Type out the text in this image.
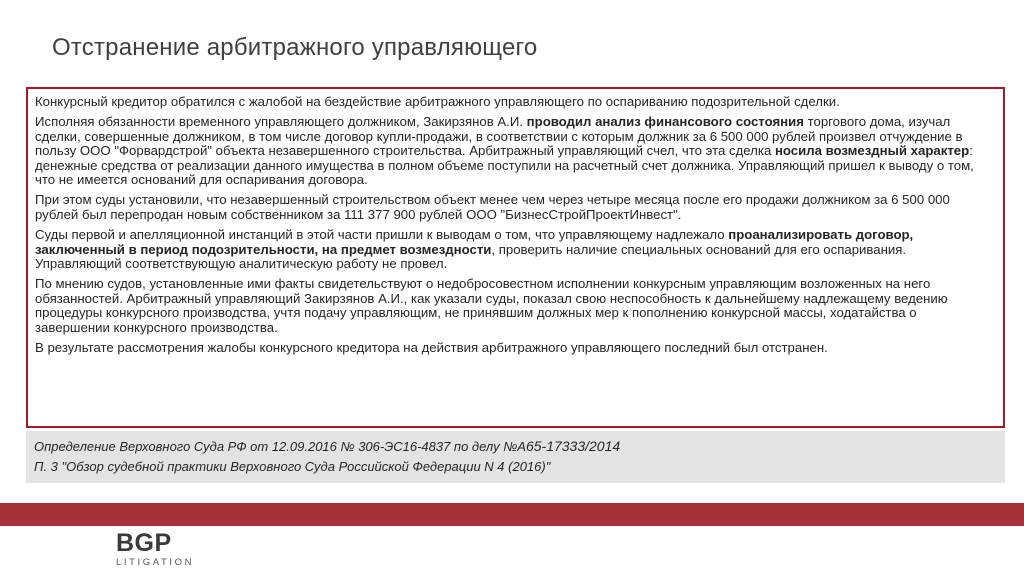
Отстранение арбитражного управляющего

Конкурсный кредитор обратился с жалобой на бездействие арбитражного управляющего по оспариванию подозрительной сделки.

Исполняя обязанности временного управляющего должником, Закирзянов А.И. проводил анализ финансового состояния торгового дома, изучал сделки, совершенные должником, в том числе договор купли-продажи, в соответствии с которым должник за 6 500 000 рублей произвел отчуждение в пользу ООО "Форвардстрой" объекта незавершенного строительства. Арбитражный управляющий счел, что эта сделка носила возмездный характер: денежные средства от реализации данного имущества в полном объеме поступили на расчетный счет должника. Управляющий пришел к выводу о том, что не имеется оснований для оспаривания договора.

При этом суды установили, что незавершенный строительством объект менее чем через четыре месяца после его продажи должником за 6 500 000 рублей был перепродан новым собственником за 111 377 900 рублей ООО "БизнесСтройПроектИнвест".

Суды первой и апелляционной инстанций в этой части пришли к выводам о том, что управляющему надлежало проанализировать договор, заключенный в период подозрительности, на предмет возмездности, проверить наличие специальных оснований для его оспаривания. Управляющий соответствующую аналитическую работу не провел.

По мнению судов, установленные ими факты свидетельствуют о недобросовестном исполнении конкурсным управляющим возложенных на него обязанностей. Арбитражный управляющий Закирзянов А.И., как указали суды, показал свою неспособность к дальнейшему надлежащему ведению процедуры конкурсного производства, учтя подачу управляющим, не принявшим должных мер к пополнению конкурсной массы, ходатайства о завершении конкурсного производства.

В результате рассмотрения жалобы конкурсного кредитора на действия арбитражного управляющего последний был отстранен.

Определение Верховного Суда РФ от 12.09.2016 № 306-ЭС16-4837 по делу №А65-17333/2014
П. 3 "Обзор судебной практики Верховного Суда Российской Федерации N 4 (2016)"
BGP
LITIGATION
